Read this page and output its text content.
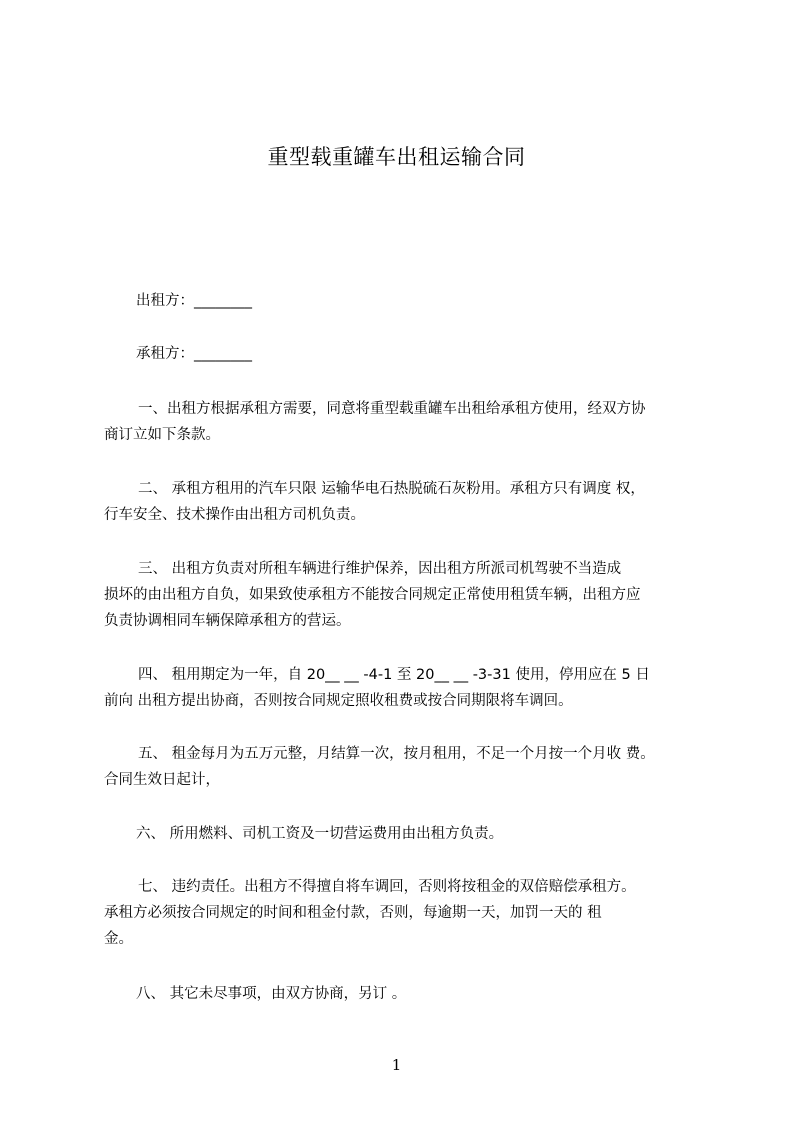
重型载重罐车出租运输合同
出租方：________
承租方：________
一、出租方根据承租方需要，同意将重型载重罐车出租给承租方使用，经双方协
商订立如下条款。
二、 承租方租用的汽车只限 运输华电石热脱硫石灰粉用。承租方只有调度 权，
行车安全、技术操作由出租方司机负责。
三、 出租方负责对所租车辆进行维护保养，因出租方所派司机驾驶不当造成
损坏的由出租方自负，如果致使承租方不能按合同规定正常使用租赁车辆，出租方应
负责协调相同车辆保障承租方的营运。
四、 租用期定为一年，自 20__ __ -4-1 至 20__ __ -3-31 使用，停用应在 5 日
前向 出租方提出协商，否则按合同规定照收租费或按合同期限将车调回。
五、 租金每月为五万元整，月结算一次，按月租用，不足一个月按一个月收 费。
合同生效日起计，
六、 所用燃料、司机工资及一切营运费用由出租方负责。
七、 违约责任。出租方不得擅自将车调回，否则将按租金的双倍赔偿承租方。
承租方必须按合同规定的时间和租金付款，否则，每逾期一天，加罚一天的 租
金。
八、 其它未尽事项，由双方协商，另订 。
1
